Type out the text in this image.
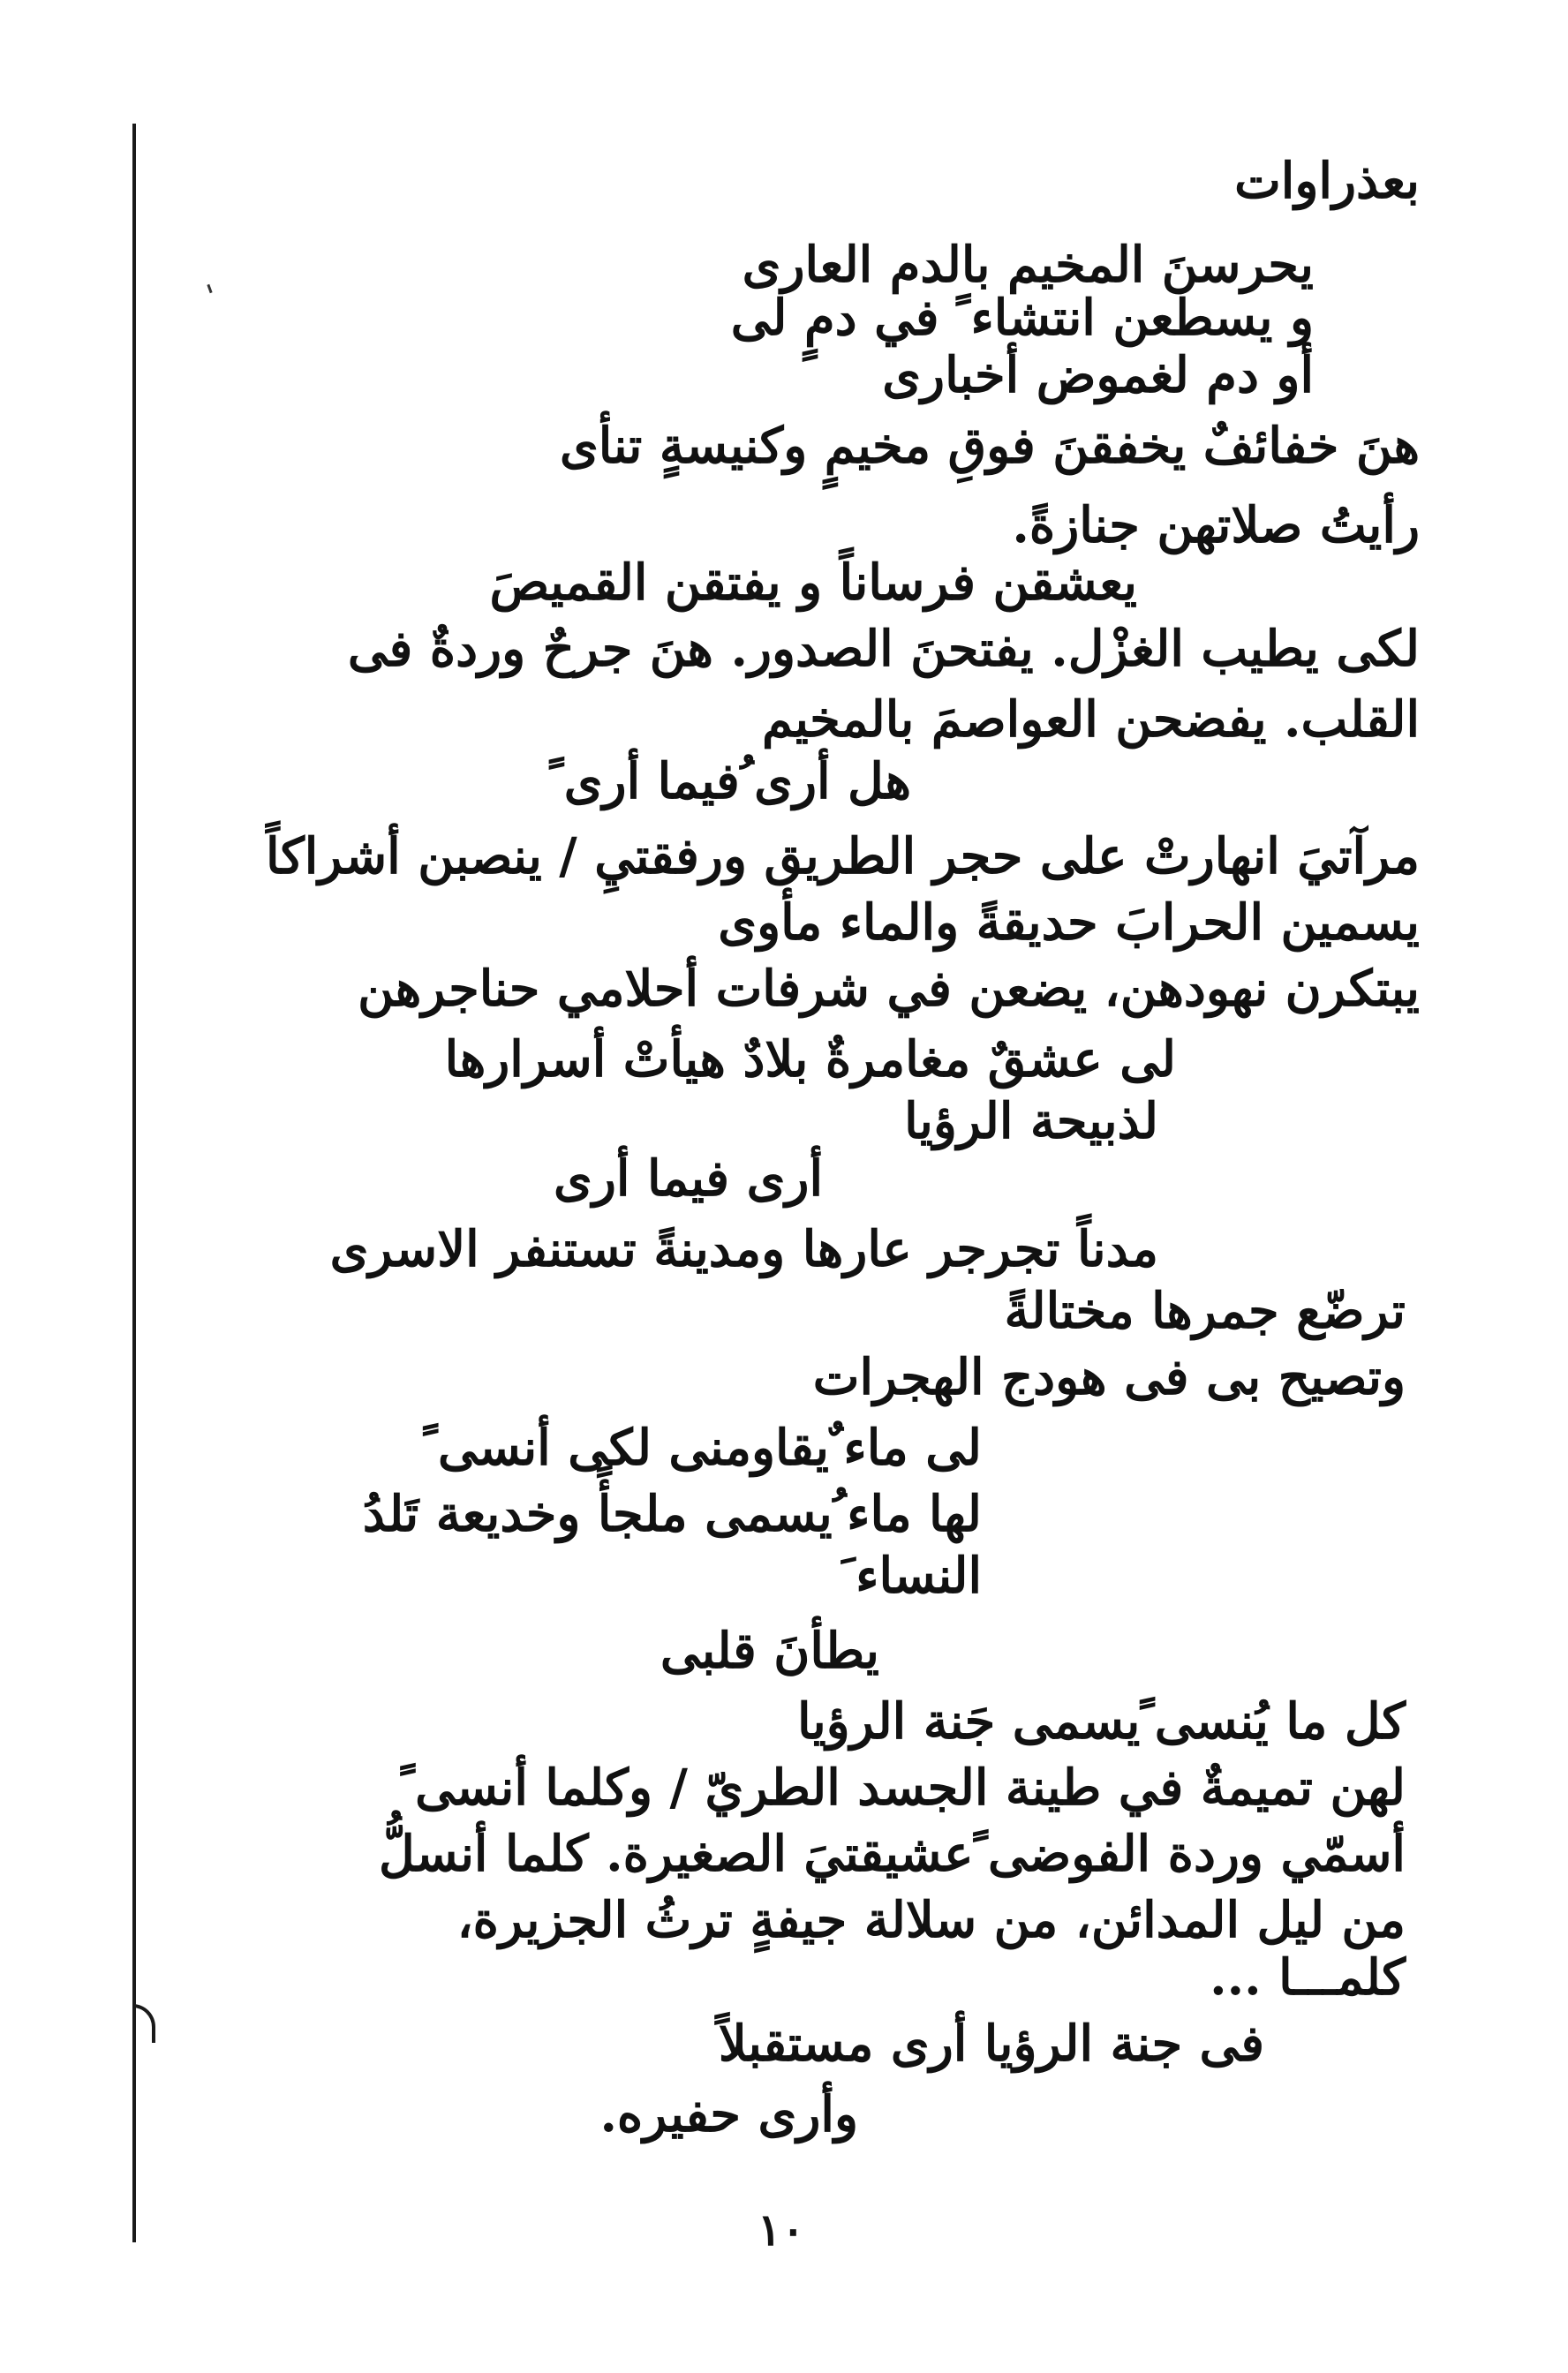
بعذراوات
يحرسنَ المخيم بالدم العارى
و يسطعن انتشاء ً في دمٍ لى
أو دم لغموض أخبارى
هنَ خفائفٌ يخفقنَ فوقِ مخيمٍ وكنيسةٍ تنأى
رأيتُ صلاتهن جنازةً.
يعشقن فرساناً و يفتقن القميصَ
لكى يطيب الغزْل. يفتحنَ الصدور. هنَ جرحٌ وردةٌ فى
القلب. يفضحن العواصمَ بالمخيم
هل أرى ُفيما أرى ً
مرآتيَ انهارتْ على حجر الطريق ورفقتيِ / ينصبن أشراكاً
يسمين الحرابَ حديقةً والماء مأوى
يبتكرن نهودهن، يضعن في شرفات أحلامي حناجرهن
لى عشقٌ مغامرةٌ بلادٌ هيأتْ أسرارها
لذبيحة الرؤيا
أرى فيما أرى
مدناً تجرجر عارها ومدينةً تستنفر الاسرى
ترضّع جمرها مختالةً
وتصيح بى فى هودج الهجرات
لى ماء ٌيقاومنى لكى أنسى ً
لها ماء ُيسمى ملجأً وخديعة تَلدُ
النساء َ
يطأنَ قلبى
كل ما يُنسى ًيسمى جَنة الرؤيا
لهن تميمةٌ في طينة الجسد الطريّ / وكلما أنسى ً
أسمّي وردة الفوضى ًعشيقتيَ الصغيرة. كلما أنسلُّ
من ليل المدائن، من سلالة جيفةٍ ترثُ الجزيرة،
كلمـــا ...
فى جنة الرؤيا أرى مستقبلاً
وأرى حفيره.
١٠
